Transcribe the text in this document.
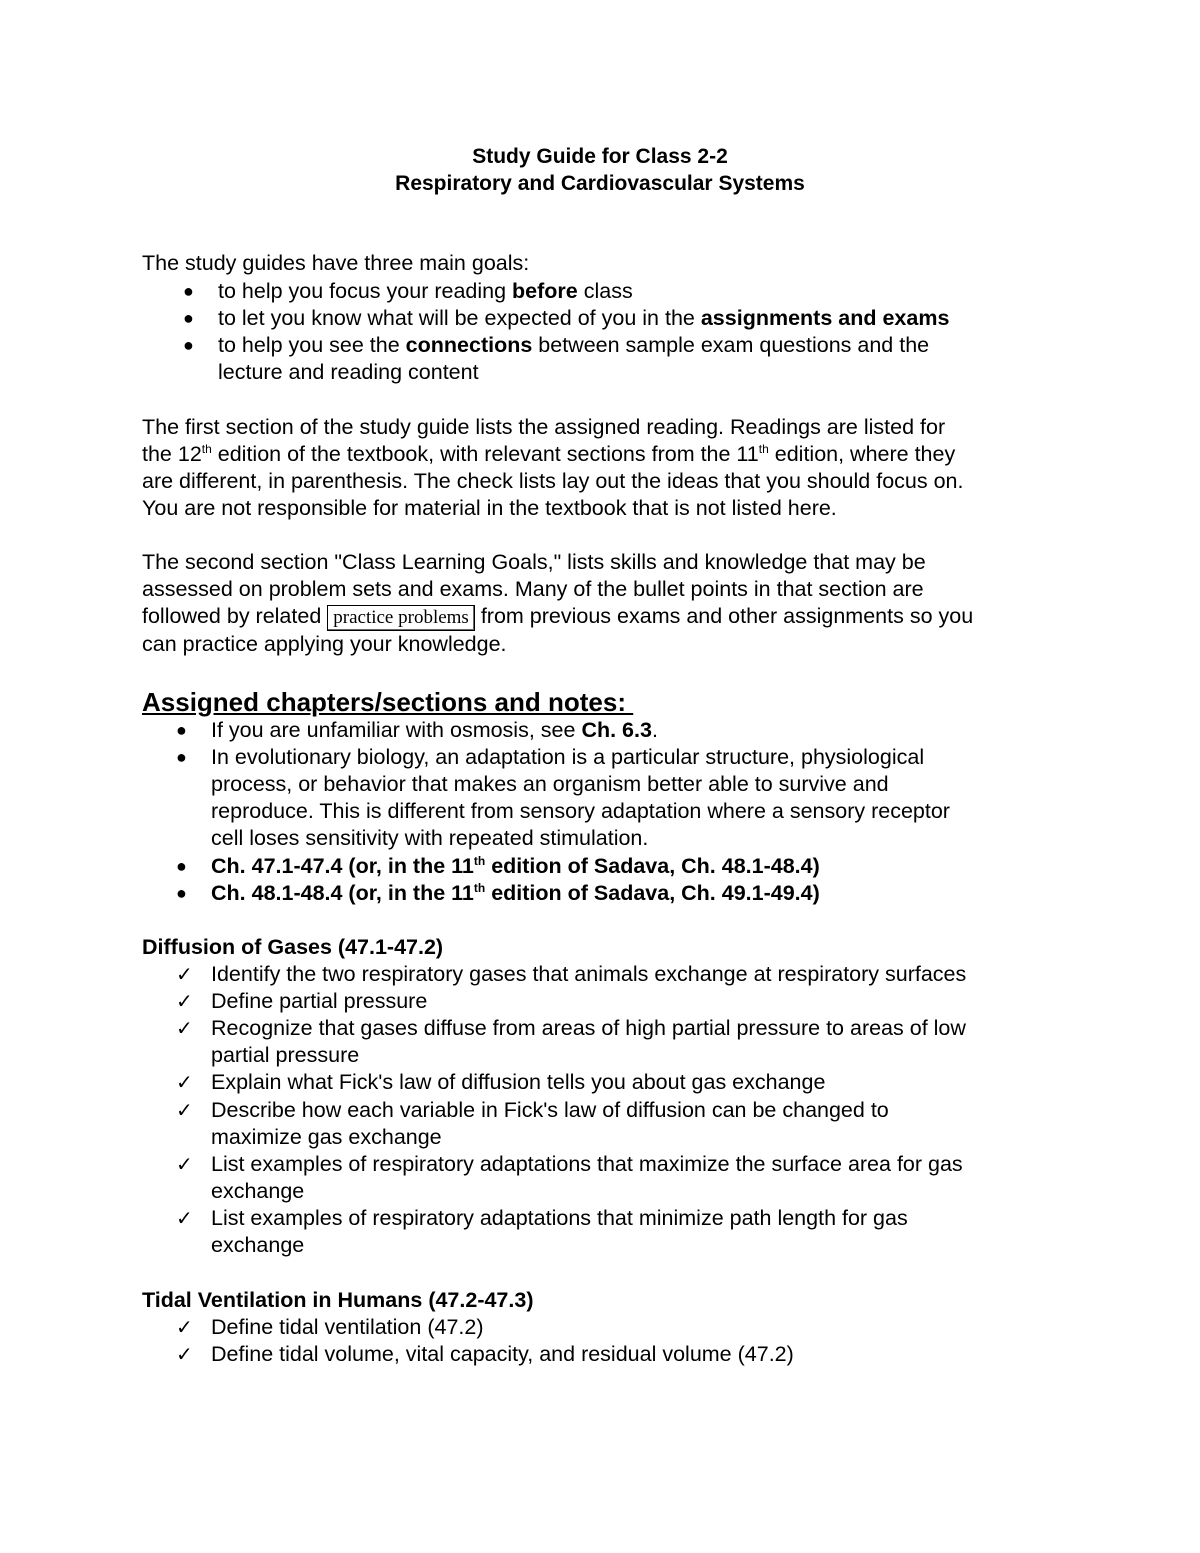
Study Guide for Class 2-2
Respiratory and Cardiovascular Systems
The study guides have three main goals:
● to help you focus your reading before class
● to let you know what will be expected of you in the assignments and exams
● to help you see the connections between sample exam questions and the
lecture and reading content
The first section of the study guide lists the assigned reading. Readings are listed for
the 12th edition of the textbook, with relevant sections from the 11th edition, where they
are different, in parenthesis. The check lists lay out the ideas that you should focus on.
You are not responsible for material in the textbook that is not listed here.
The second section "Class Learning Goals," lists skills and knowledge that may be
assessed on problem sets and exams. Many of the bullet points in that section are
followed by related practice problems from previous exams and other assignments so you
can practice applying your knowledge.
Assigned chapters/sections and notes:
● If you are unfamiliar with osmosis, see Ch. 6.3.
● In evolutionary biology, an adaptation is a particular structure, physiological
process, or behavior that makes an organism better able to survive and
reproduce. This is different from sensory adaptation where a sensory receptor
cell loses sensitivity with repeated stimulation.
● Ch. 47.1-47.4 (or, in the 11th edition of Sadava, Ch. 48.1-48.4)
● Ch. 48.1-48.4 (or, in the 11th edition of Sadava, Ch. 49.1-49.4)
Diffusion of Gases (47.1-47.2)
✓ Identify the two respiratory gases that animals exchange at respiratory surfaces
✓ Define partial pressure
✓ Recognize that gases diffuse from areas of high partial pressure to areas of low
partial pressure
✓ Explain what Fick's law of diffusion tells you about gas exchange
✓ Describe how each variable in Fick's law of diffusion can be changed to
maximize gas exchange
✓ List examples of respiratory adaptations that maximize the surface area for gas
exchange
✓ List examples of respiratory adaptations that minimize path length for gas
exchange
Tidal Ventilation in Humans (47.2-47.3)
✓ Define tidal ventilation (47.2)
✓ Define tidal volume, vital capacity, and residual volume (47.2)
